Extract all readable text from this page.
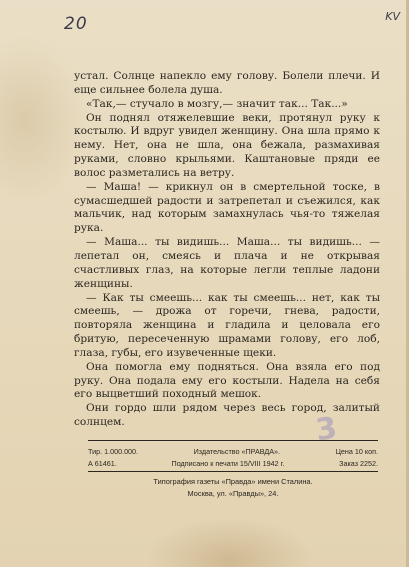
20	KV

устал. Солнце напекло ему голову. Болели плечи. И еще сильнее болела душа.

«Так,— стучало в мозгу,— значит так... Так...»

Он поднял отяжелевшие веки, протянул руку к костылю. И вдруг увидел женщину. Она шла прямо к нему. Нет, она не шла, она бежала, размахивая руками, словно крыльями. Каштановые пряди ее волос разметались на ветру.

— Маша! — крикнул он в смертельной тоске, в сумасшедшей радости и затрепетал и съежился, как мальчик, над которым замахнулась чья-то тяжелая рука.

— Маша... ты видишь... Маша... ты видишь... — лепетал он, смеясь и плача и не открывая счастливых глаз, на которые легли теплые ладони женщины.

— Как ты смеешь... как ты смеешь... нет, как ты смеешь, — дрожа от горечи, гнева, радости, повторяла женщина и гладила и целовала его бритую, пересеченную шрамами голову, его лоб, глаза, губы, его изувеченные щеки.

Она помогла ему подняться. Она взяла его под руку. Она подала ему его костыли. Надела на себя его выцветший походный мешок.

Они гордо шли рядом через весь город, залитый солнцем.	3
Тир. 1.000.000.	Издательство «ПРАВДА».	Цена 10 коп.
А 61461.	Подписано к печати 15/VIII 1942 г.	Заказ 2252.
Типография газеты «Правда» имени Сталина.
Москва, ул. «Правды», 24.
